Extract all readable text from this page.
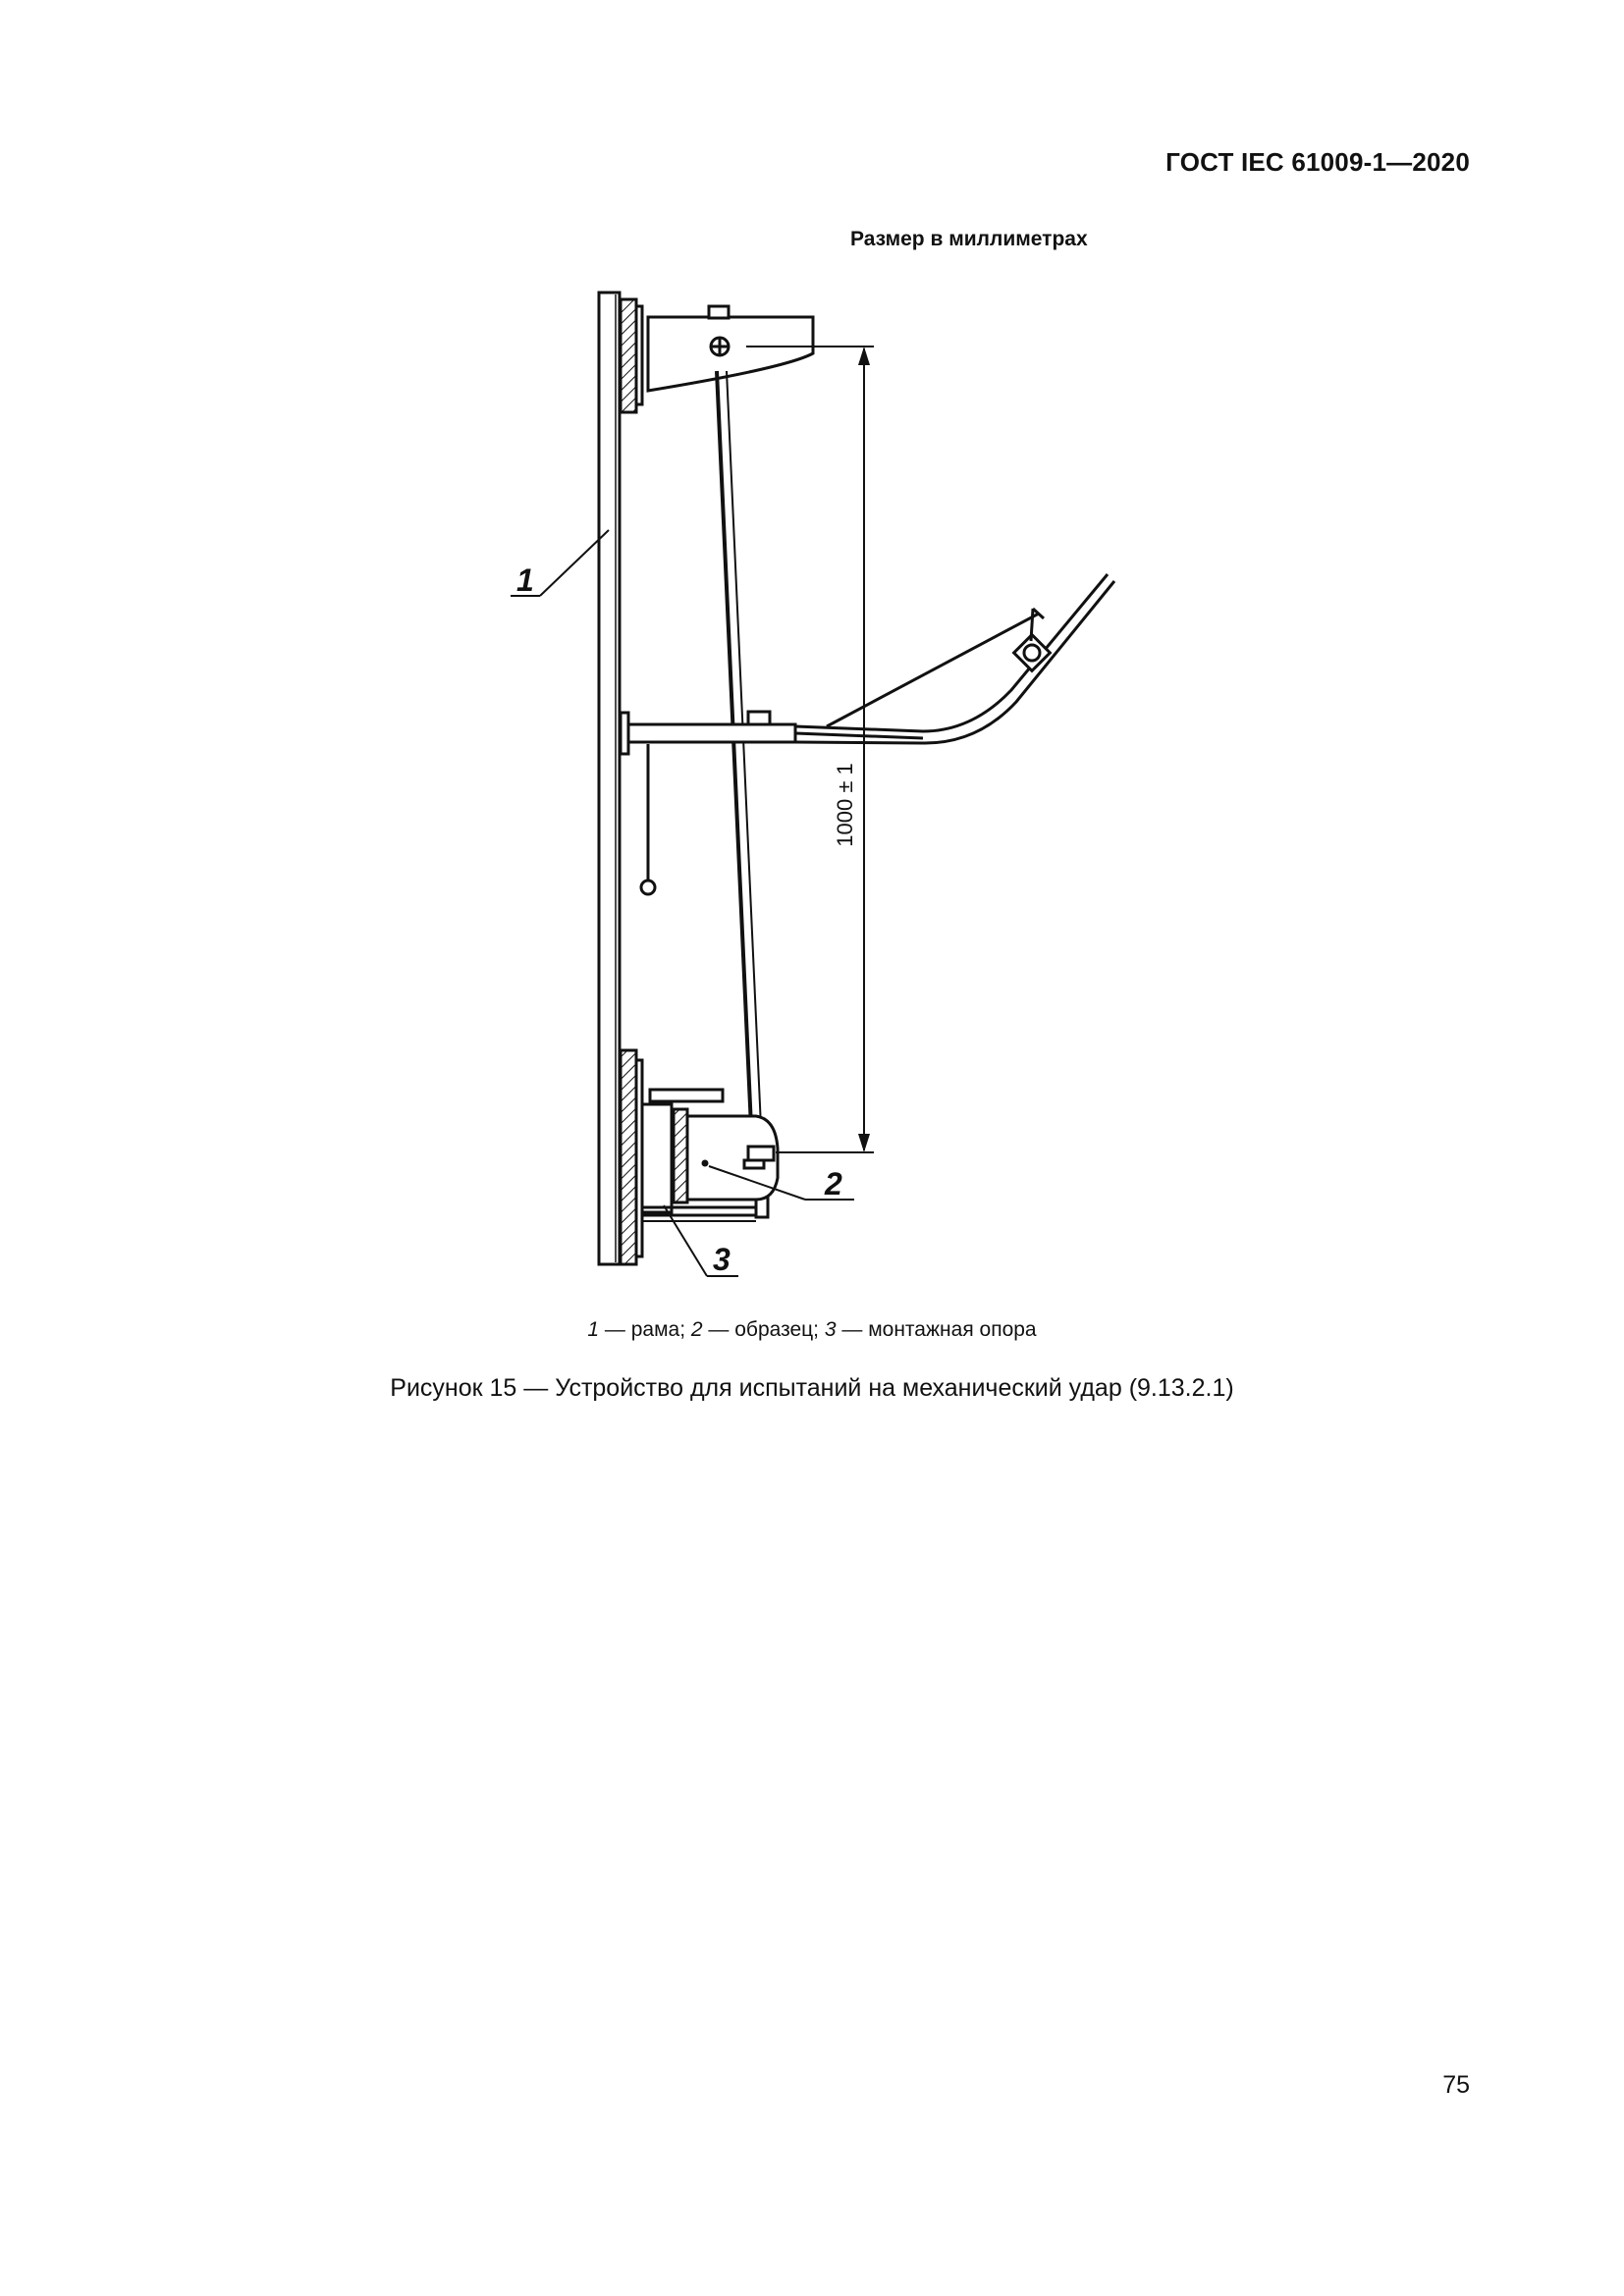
ГОСТ IEC 61009-1—2020
Размер в миллиметрах
1000 ± 1
1
2
3
1 — рама; 2 — образец; 3 — монтажная опора
Рисунок 15 — Устройство для испытаний на механический удар (9.13.2.1)
75
